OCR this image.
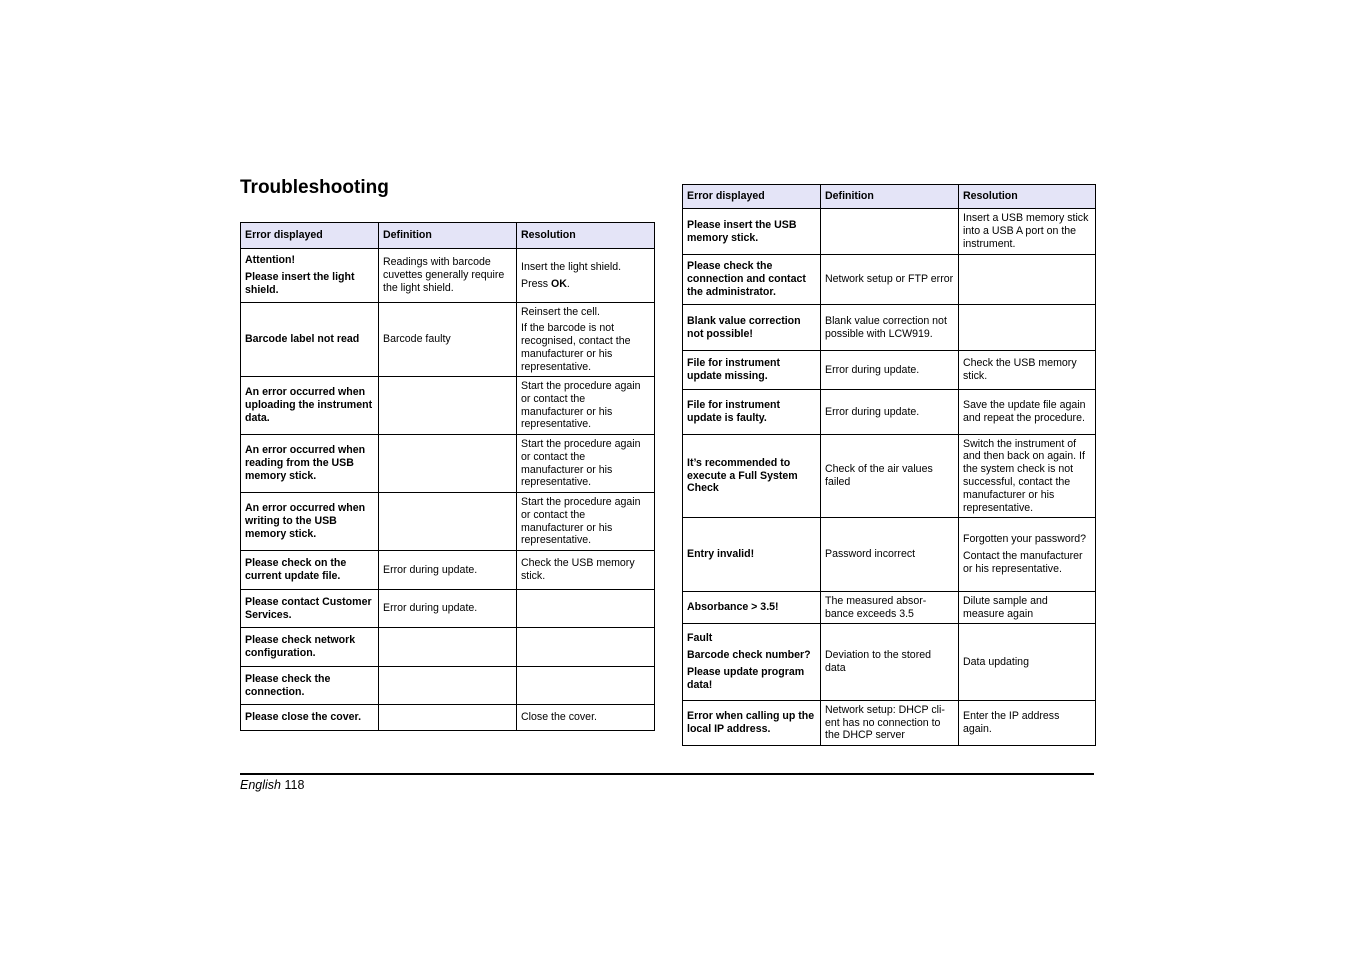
Troubleshooting
Error displayed	Definition	Resolution

Attention!
Please insert the light shield.	Readings with barcode cuvettes generally require the light shield.	Insert the light shield.
Press OK.

Barcode label not read	Barcode faulty	Reinsert the cell.
If the barcode is not recognised, contact the manufacturer or his representative.

An error occurred when uploading the instrument data.		Start the procedure again or contact the manufacturer or his representative.

An error occurred when reading from the USB memory stick.		Start the procedure again or contact the manufacturer or his representative.

An error occurred when writing to the USB memory stick.		Start the procedure again or contact the manufacturer or his representative.

Please check on the current update file.	Error during update.	Check the USB memory stick.

Please contact Customer Services.	Error during update.	

Please check network configuration.		

Please check the connection.		

Please close the cover.		Close the cover.
Error displayed	Definition	Resolution

Please insert the USB memory stick.		Insert a USB memory stick into a USB A port on the instrument.

Please check the connection and contact the administrator.	Network setup or FTP error	

Blank value correction not possible!	Blank value correction not possible with LCW919.	

File for instrument update missing.	Error during update.	Check the USB memory stick.

File for instrument update is faulty.	Error during update.	Save the update file again and repeat the procedure.

It’s recommended to execute a Full System Check	Check of the air values failed	Switch the instrument of and then back on again. If the system check is not successful, contact the manufacturer or his representative.

Entry invalid!	Password incorrect	Forgotten your password?
Contact the manufacturer or his representative.

Absorbance > 3.5!	The measured absor-bance exceeds 3.5	Dilute sample and measure again

Fault
Barcode check number?
Please update program data!	Deviation to the stored data	Data updating

Error when calling up the local IP address.	Network setup: DHCP cli-ent has no connection to the DHCP server	Enter the IP address again.
English 118
